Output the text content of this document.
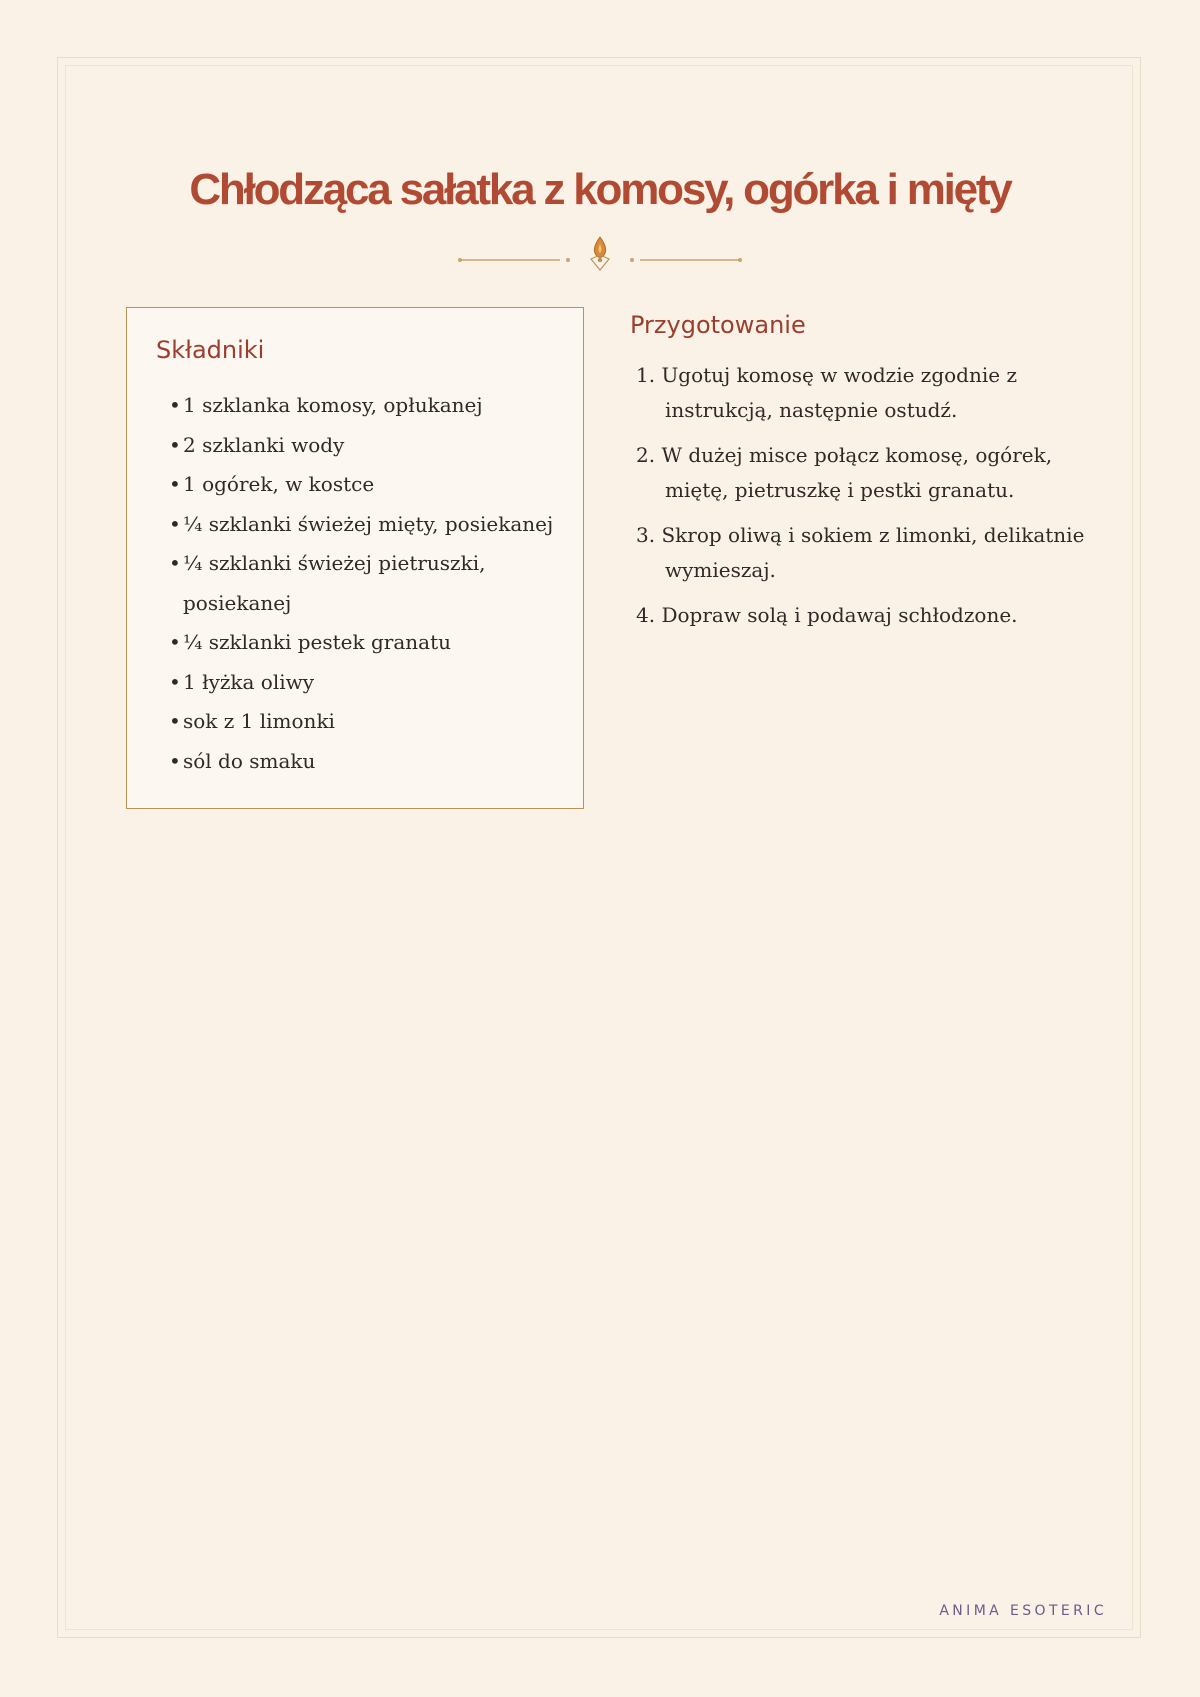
Chłodząca sałatka z komosy, ogórka i mięty
Składniki
• 1 szklanka komosy, opłukanej
• 2 szklanki wody
• 1 ogórek, w kostce
• ¼ szklanki świeżej mięty, posiekanej
• ¼ szklanki świeżej pietruszki, posiekanej
• ¼ szklanki pestek granatu
• 1 łyżka oliwy
• sok z 1 limonki
• sól do smaku
Przygotowanie
1. Ugotuj komosę w wodzie zgodnie z instrukcją, następnie ostudź.
2. W dużej misce połącz komosę, ogórek, miętę, pietruszkę i pestki granatu.
3. Skrop oliwą i sokiem z limonki, delikatnie wymieszaj.
4. Dopraw solą i podawaj schłodzone.
ANIMA ESOTERIC
